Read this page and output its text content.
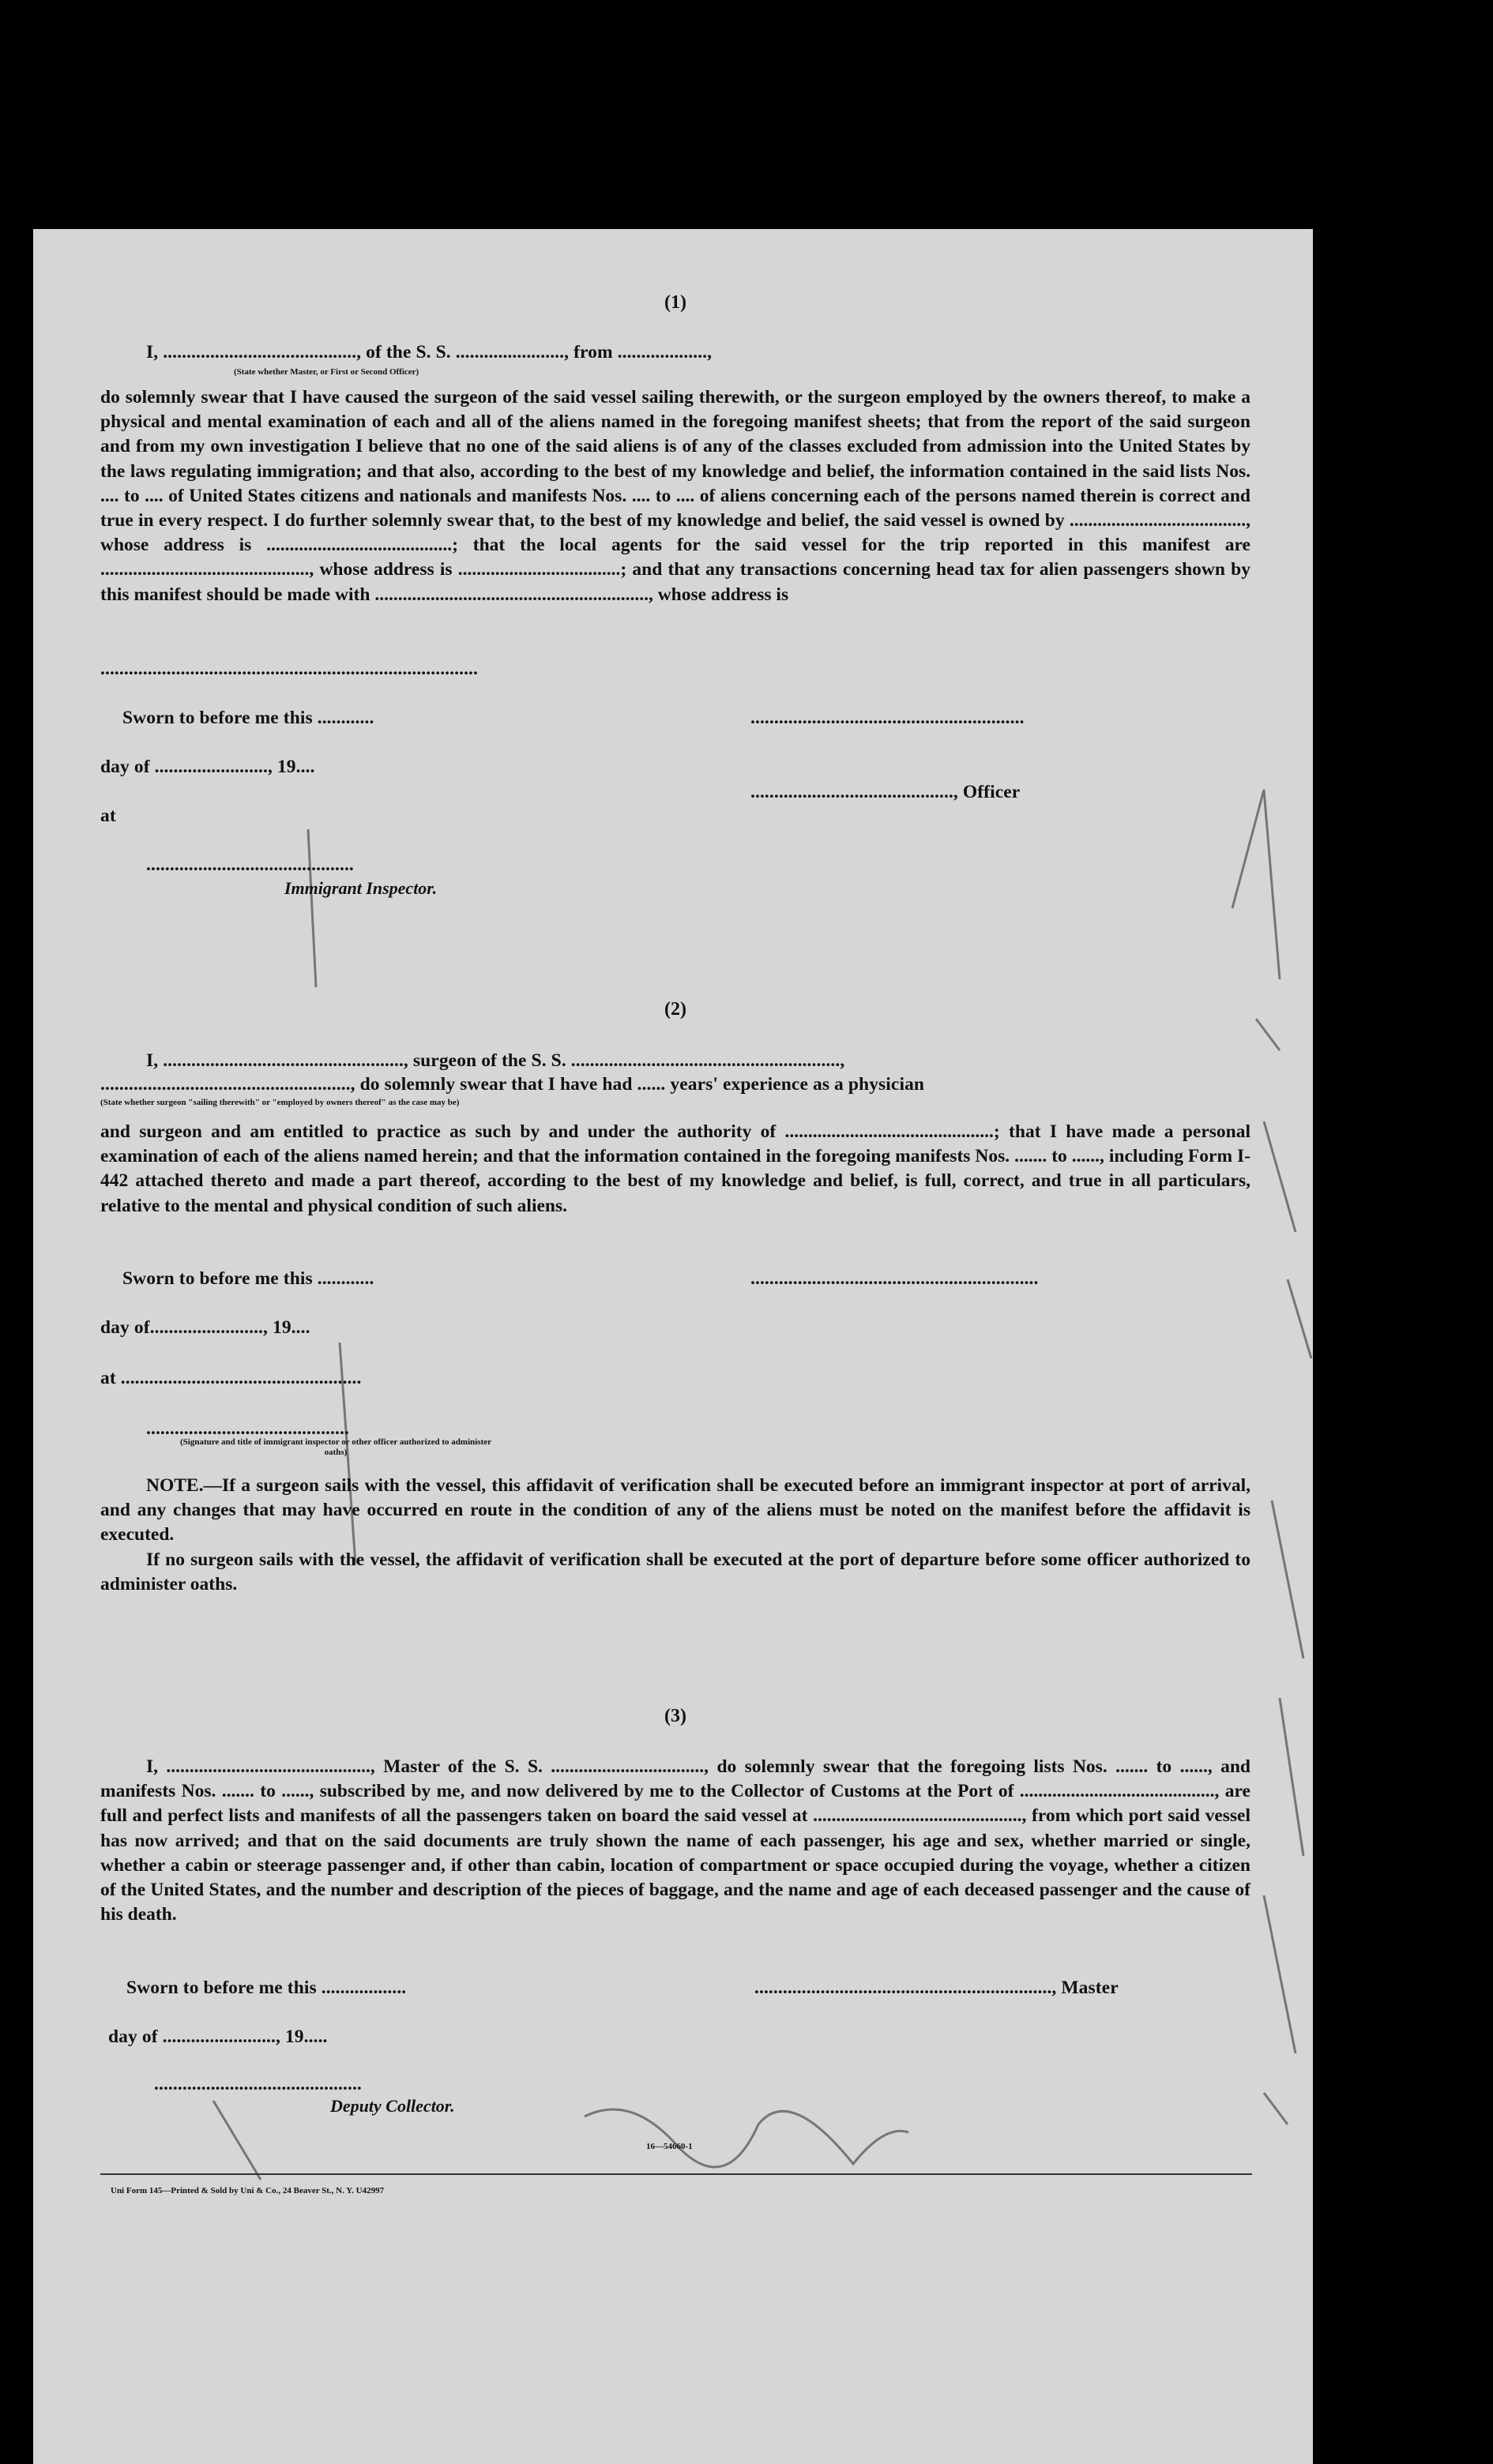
(1)
I, ........................................., of the S. S. ......................., from ...................,
(State whether Master, or First or Second Officer)
do solemnly swear that I have caused the surgeon of the said vessel sailing therewith, or the surgeon employed by the owners thereof, to make a physical and mental examination of each and all of the aliens named in the foregoing manifest sheets; that from the report of the said surgeon and from my own investigation I believe that no one of the said aliens is of any of the classes excluded from admission into the United States by the laws regulating immigration; and that also, according to the best of my knowledge and belief, the information contained in the said lists Nos. .... to .... of United States citizens and nationals and manifests Nos. .... to .... of aliens concerning each of the persons named therein is correct and true in every respect. I do further solemnly swear that, to the best of my knowledge and belief, the said vessel is owned by ......................................, whose address is ........................................; that the local agents for the said vessel for the trip reported in this manifest are ............................................., whose address is ...................................; and that any transactions concerning head tax for alien passengers shown by this manifest should be made with ..........................................................., whose address is
................................................................................
Sworn to before me this ............	..........................................................
day of ........................, 19....
..........................................., Officer
at
............................................
Immigrant Inspector.
(2)
I, ..................................................., surgeon of the S. S. .........................................................,
....................................................., do solemnly swear that I have had ...... years' experience as a physician
(State whether surgeon "sailing therewith" or "employed by owners thereof" as the case may be)
and surgeon and am entitled to practice as such by and under the authority of .............................................; that I have made a personal examination of each of the aliens named herein; and that the information contained in the foregoing manifests Nos. ....... to ......, including Form I-442 attached thereto and made a part thereof, according to the best of my knowledge and belief, is full, correct, and true in all particulars, relative to the mental and physical condition of such aliens.
Sworn to before me this ............	.............................................................
day of........................, 19....
at ...................................................
...........................................
(Signature and title of immigrant inspector or other officer authorized to administer oaths)
NOTE.—If a surgeon sails with the vessel, this affidavit of verification shall be executed before an immigrant inspector at port of arrival, and any changes that may have occurred en route in the condition of any of the aliens must be noted on the manifest before the affidavit is executed.
If no surgeon sails with the vessel, the affidavit of verification shall be executed at the port of departure before some officer authorized to administer oaths.
(3)
I, ............................................, Master of the S. S. ................................., do solemnly swear that the foregoing lists Nos. ....... to ......, and manifests Nos. ....... to ......, subscribed by me, and now delivered by me to the Collector of Customs at the Port of .........................................., are full and perfect lists and manifests of all the passengers taken on board the said vessel at ............................................., from which port said vessel has now arrived; and that on the said documents are truly shown the name of each passenger, his age and sex, whether married or single, whether a cabin or steerage passenger and, if other than cabin, location of compartment or space occupied during the voyage, whether a citizen of the United States, and the number and description of the pieces of baggage, and the name and age of each deceased passenger and the cause of his death.
Sworn to before me this ..................	..............................................................., Master
day of ........................, 19.....
............................................
Deputy Collector.
16—54660-1
Uni Form 145—Printed & Sold by Uni & Co., 24 Beaver St., N. Y. U42997
